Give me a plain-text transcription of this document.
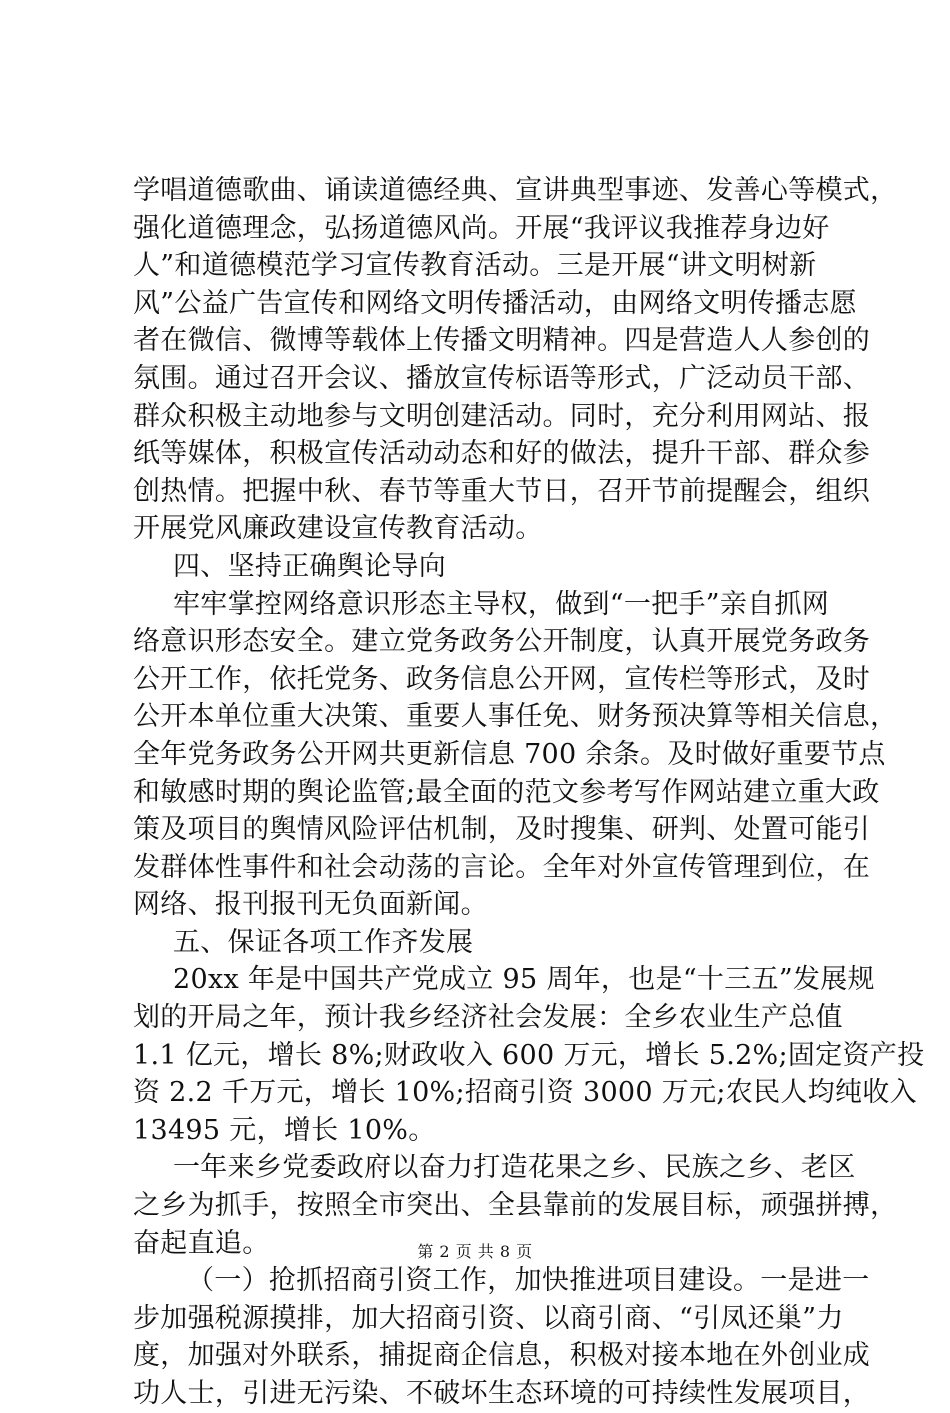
学唱道德歌曲、诵读道德经典、宣讲典型事迹、发善心等模式，
强化道德理念，弘扬道德风尚。开展“我评议我推荐身边好
人”和道德模范学习宣传教育活动。三是开展“讲文明树新
风”公益广告宣传和网络文明传播活动，由网络文明传播志愿
者在微信、微博等载体上传播文明精神。四是营造人人参创的
氛围。通过召开会议、播放宣传标语等形式，广泛动员干部、
群众积极主动地参与文明创建活动。同时，充分利用网站、报
纸等媒体，积极宣传活动动态和好的做法，提升干部、群众参
创热情。把握中秋、春节等重大节日，召开节前提醒会，组织
开展党风廉政建设宣传教育活动。
四、坚持正确舆论导向
牢牢掌控网络意识形态主导权，做到“一把手”亲自抓网
络意识形态安全。建立党务政务公开制度，认真开展党务政务
公开工作，依托党务、政务信息公开网，宣传栏等形式，及时
公开本单位重大决策、重要人事任免、财务预决算等相关信息，
全年党务政务公开网共更新信息 700 余条。及时做好重要节点
和敏感时期的舆论监管;最全面的范文参考写作网站建立重大政
策及项目的舆情风险评估机制，及时搜集、研判、处置可能引
发群体性事件和社会动荡的言论。全年对外宣传管理到位，在
网络、报刊报刊无负面新闻。
五、保证各项工作齐发展
20xx 年是中国共产党成立 95 周年，也是“十三五”发展规
划的开局之年，预计我乡经济社会发展：全乡农业生产总值
1.1 亿元，增长 8%;财政收入 600 万元，增长 5.2%;固定资产投
资 2.2 千万元，增长 10%;招商引资 3000 万元;农民人均纯收入
13495 元，增长 10%。
一年来乡党委政府以奋力打造花果之乡、民族之乡、老区
之乡为抓手，按照全市突出、全县靠前的发展目标，顽强拼搏，
奋起直追。
（一）抢抓招商引资工作，加快推进项目建设。一是进一
步加强税源摸排，加大招商引资、以商引商、“引凤还巢”力
度，加强对外联系，捕捉商企信息，积极对接本地在外创业成
功人士，引进无污染、不破坏生态环境的可持续性发展项目，
第 2 页 共 8 页
